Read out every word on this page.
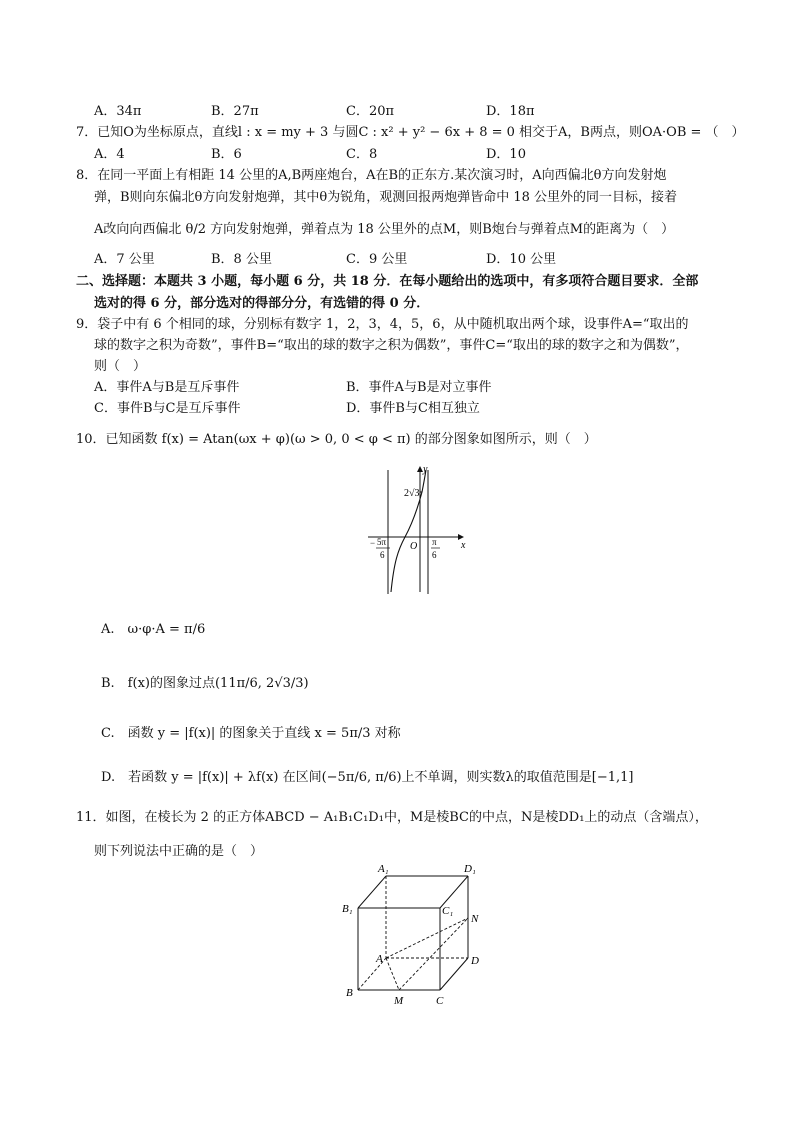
A．34π	B．27π	C．20π	D．18π
7．已知O为坐标原点，直线l : x = my + 3 与圆C : x² + y² − 6x + 8 = 0 相交于A，B两点，则OA·OB = （　）
A．4	B．6	C．8	D．10
8．在同一平面上有相距 14 公里的A,B两座炮台，A在B的正东方.某次演习时，A向西偏北θ方向发射炮
弹，B则向东偏北θ方向发射炮弹，其中θ为锐角，观测回报两炮弹皆命中 18 公里外的同一目标，接着
A改向向西偏北 θ/2 方向发射炮弹，弹着点为 18 公里外的点M，则B炮台与弹着点M的距离为（　）
A．7 公里	B．8 公里	C．9 公里	D．10 公里
二、选择题：本题共 3 小题，每小题 6 分，共 18 分．在每小题给出的选项中，有多项符合题目要求．全部
选对的得 6 分，部分选对的得部分分，有选错的得 0 分．
9．袋子中有 6 个相同的球，分别标有数字 1，2，3，4，5，6，从中随机取出两个球，设事件A=“取出的
球的数字之积为奇数”，事件B=“取出的球的数字之积为偶数”，事件C=“取出的球的数字之和为偶数”，
则（　）
A．事件A与B是互斥事件	B．事件A与B是对立事件
C．事件B与C是互斥事件	D．事件B与C相互独立
10．已知函数 f(x) = Atan(ωx + φ)(ω > 0, 0 < φ < π) 的部分图象如图所示，则（　）
y
x
O
2√3
− 5π
6
π
6
A.　ω·φ·A = π/6
B.　f(x)的图象过点(11π/6, 2√3/3)
C.　函数 y = |f(x)| 的图象关于直线 x = 5π/3 对称
D.　若函数 y = |f(x)| + λf(x) 在区间(−5π/6, π/6)上不单调，则实数λ的取值范围是[−1,1]
11．如图，在棱长为 2 的正方体ABCD − A₁B₁C₁D₁中，M是棱BC的中点，N是棱DD₁上的动点（含端点），
则下列说法中正确的是（　）
A₁	D₁
B₁	C₁
N
A	D
B
M	C
